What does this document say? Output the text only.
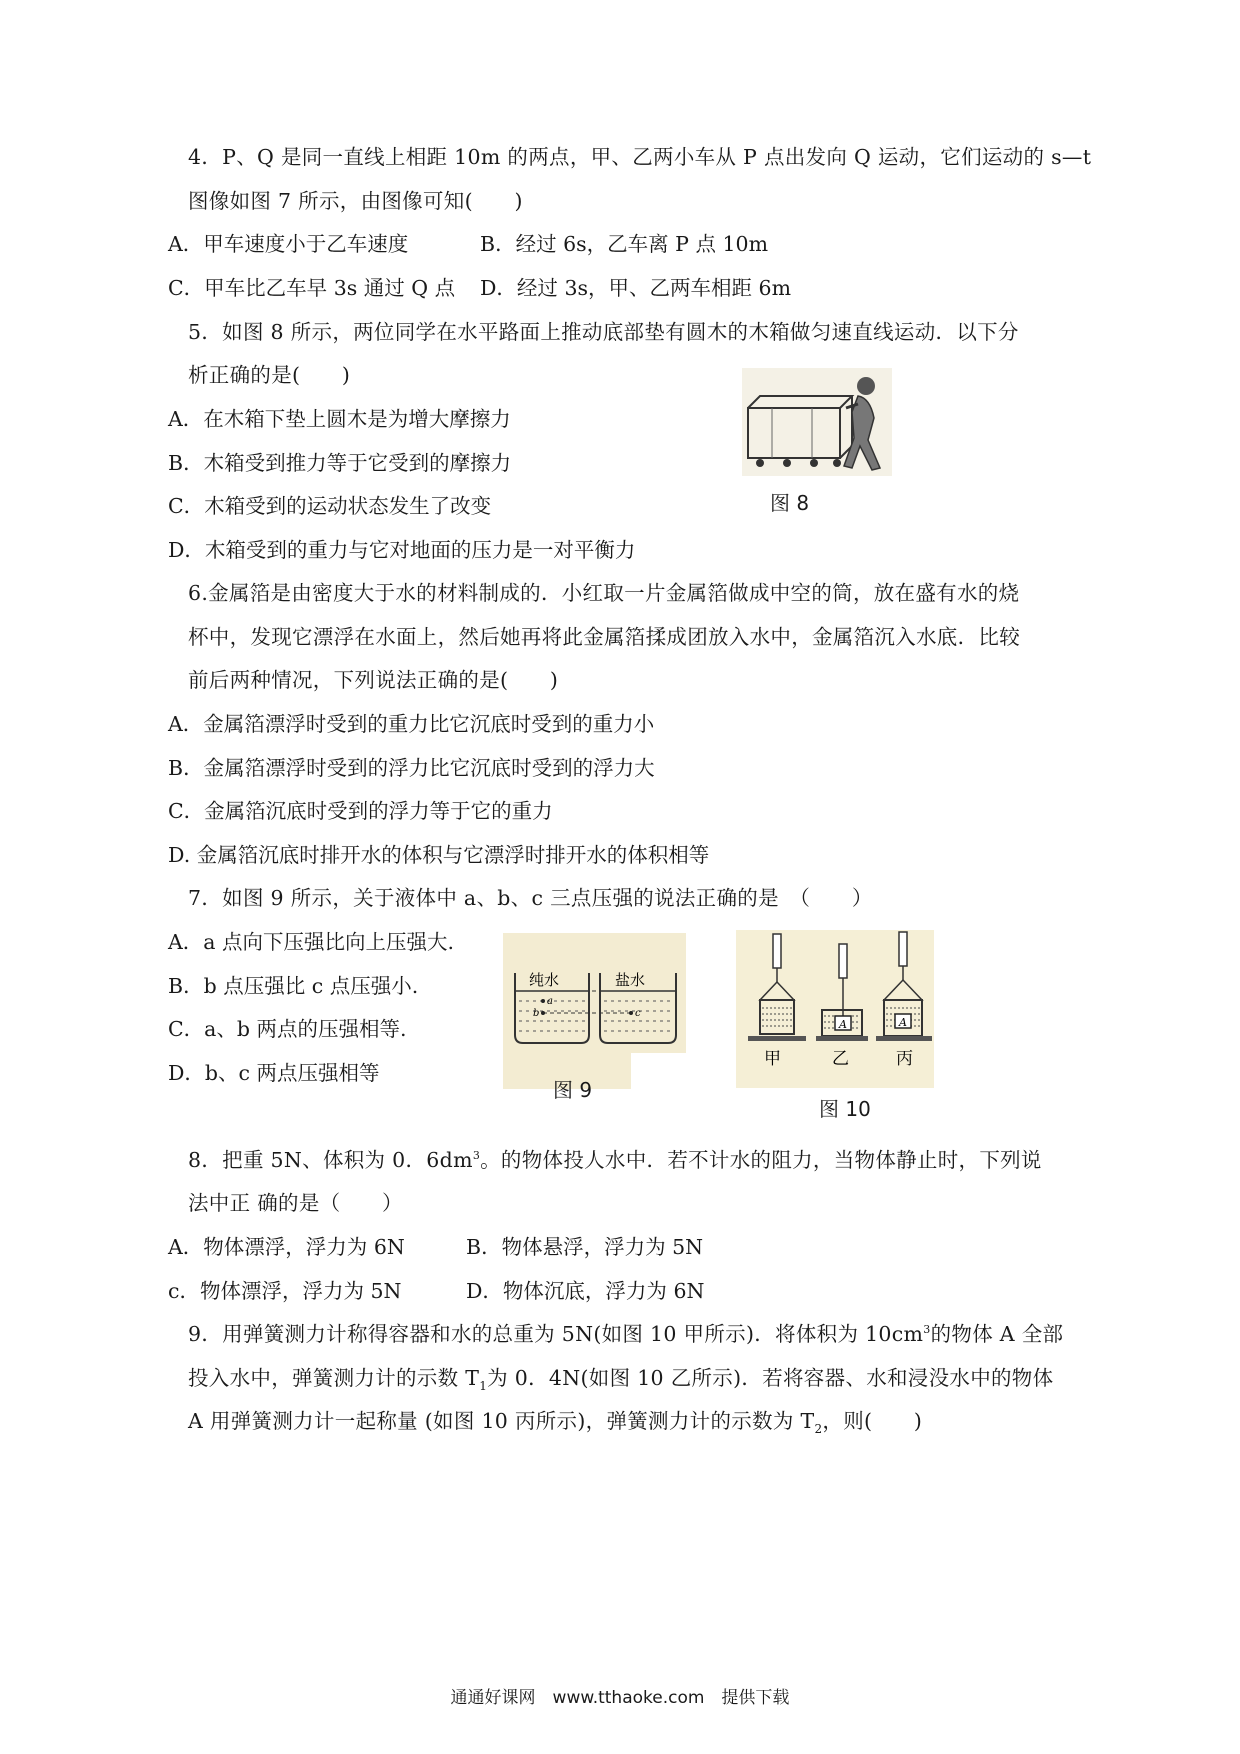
4．P、Q 是同一直线上相距 10m 的两点，甲、乙两小车从 P 点出发向 Q 运动，它们运动的 s—t
图像如图 7 所示，由图像可知(　　)
A．甲车速度小于乙车速度	B．经过 6s，乙车离 P 点 10m
C．甲车比乙车早 3s 通过 Q 点 D．经过 3s，甲、乙两车相距 6m
5．如图 8 所示，两位同学在水平路面上推动底部垫有圆木的木箱做匀速直线运动．以下分
析正确的是(　　)
A．在木箱下垫上圆木是为增大摩擦力
B．木箱受到推力等于它受到的摩擦力
C．木箱受到的运动状态发生了改变
D．木箱受到的重力与它对地面的压力是一对平衡力
图 8
6.金属箔是由密度大于水的材料制成的．小红取一片金属箔做成中空的筒，放在盛有水的烧
杯中，发现它漂浮在水面上，然后她再将此金属箔揉成团放入水中，金属箔沉入水底．比较
前后两种情况，下列说法正确的是(　　)
A．金属箔漂浮时受到的重力比它沉底时受到的重力小
B．金属箔漂浮时受到的浮力比它沉底时受到的浮力大
C．金属箔沉底时受到的浮力等于它的重力
D. 金属箔沉底时排开水的体积与它漂浮时排开水的体积相等
7．如图 9 所示，关于液体中 a、b、c 三点压强的说法正确的是　（　　）
A．a 点向下压强比向上压强大.
B．b 点压强比 c 点压强小.
C．a、b 两点的压强相等.
D．b、c 两点压强相等
纯水	盐水
a
b	c
图 9
A	A
甲	乙	丙
图 10
8．把重 5N、体积为 0．$6dm^3$。的物体投人水中．若不计水的阻力，当物体静止时，下列说
法中正 确的是（　　）
A．物体漂浮，浮力为 6N	B．物体悬浮，浮力为 5N
c．物体漂浮，浮力为 5N	D．物体沉底，浮力为 6N
9．用弹簧测力计称得容器和水的总重为 5N(如图 10 甲所示)．将体积为 $10cm^3$的物体 A 全部
投入水中，弹簧测力计的示数 $T_1$为 0．4N(如图 10 乙所示)．若将容器、水和浸没水中的物体
A 用弹簧测力计一起称量 (如图 10 丙所示)，弹簧测力计的示数为 $T_2$，则(　　)
通通好课网　www.tthaoke.com　提供下载
